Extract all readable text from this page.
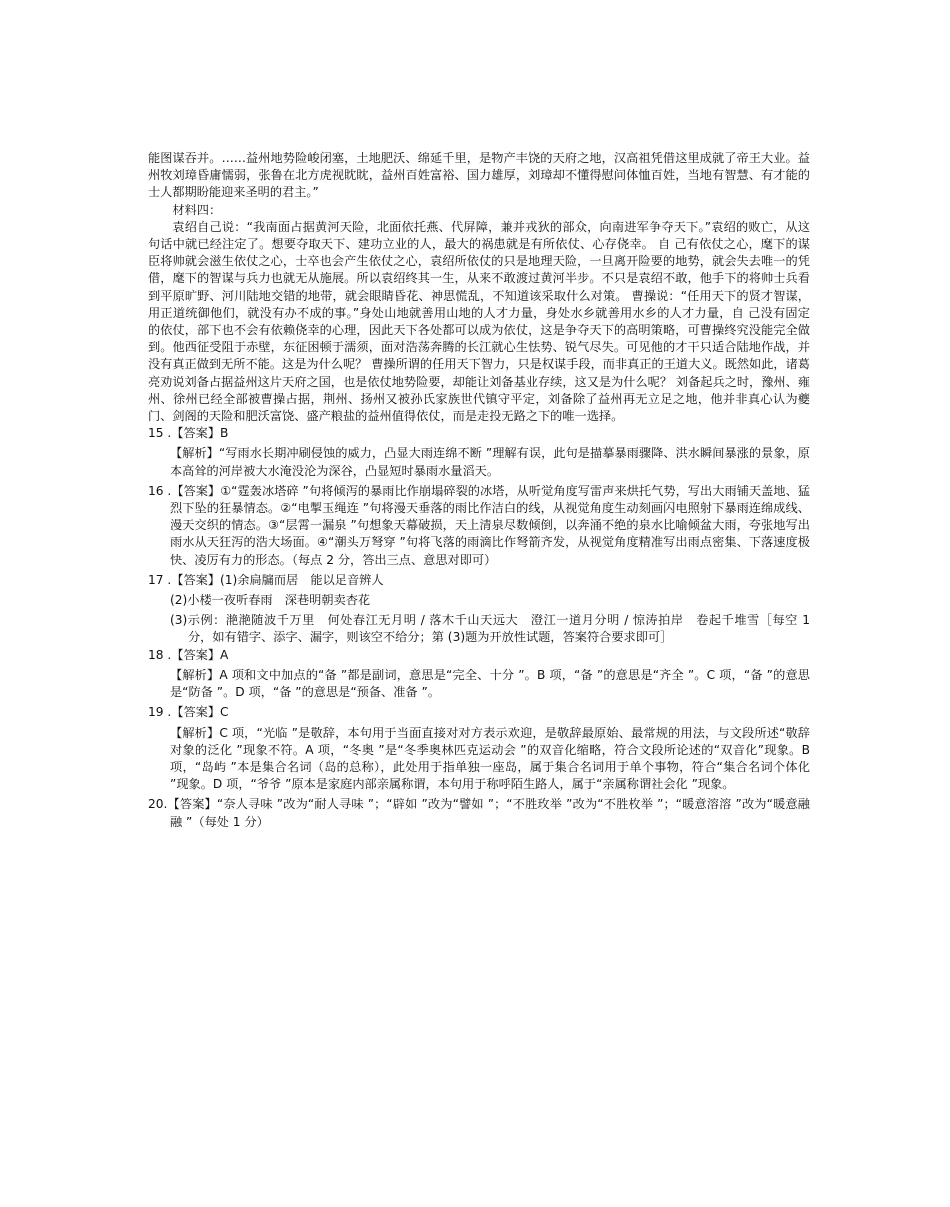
能图谋吞并。……益州地势险峻闭塞，土地肥沃、绵延千里，是物产丰饶的天府之地，汉高祖凭借这里成就了帝王大业。益州牧刘璋昏庸懦弱，张鲁在北方虎视眈眈，益州百姓富裕、国力雄厚，刘璋却不懂得慰问体恤百姓，当地有智慧、有才能的士人都期盼能迎来圣明的君主。”

材料四：

袁绍自己说：“我南面占据黄河天险，北面依托燕、代屏障，兼并戎狄的部众，向南进军争夺天下。”袁绍的败亡，从这句话中就已经注定了。想要夺取天下、建功立业的人，最大的祸患就是有所依仗、心存侥幸。 自 己有依仗之心，麾下的谋臣将帅就会滋生依仗之心，士卒也会产生依仗之心，袁绍所依仗的只是地理天险，一旦离开险要的地势，就会失去唯一的凭借，麾下的智谋与兵力也就无从施展。所以袁绍终其一生，从来不敢渡过黄河半步。不只是袁绍不敢，他手下的将帅士兵看到平原旷野、河川陆地交错的地带，就会眼睛昏花、神思慌乱，不知道该采取什么对策。 曹操说：“任用天下的贤才智谋，用正道统御他们，就没有办不成的事。”身处山地就善用山地的人才力量，身处水乡就善用水乡的人才力量，自 己没有固定的依仗，部下也不会有依赖侥幸的心理，因此天下各处都可以成为依仗，这是争夺天下的高明策略，可曹操终究没能完全做到。他西征受阻于赤壁，东征困顿于濡须，面对浩荡奔腾的长江就心生怯势、锐气尽失。可见他的才干只适合陆地作战，并没有真正做到无所不能。这是为什么呢？ 曹操所谓的任用天下智力，只是权谋手段，而非真正的王道大义。既然如此，诸葛亮劝说刘备占据益州这片天府之国，也是依仗地势险要，却能让刘备基业存续，这又是为什么呢？ 刘备起兵之时，豫州、雍州、徐州已经全部被曹操占据，荆州、扬州又被孙氏家族世代镇守平定，刘备除了益州再无立足之地，他并非真心认为夔门、剑阁的天险和肥沃富饶、盛产粮盐的益州值得依仗，而是走投无路之下的唯一选择。

15 .【答案】B

【解析】“写雨水长期冲刷侵蚀的威力，凸显大雨连绵不断 ”理解有误，此句是描摹暴雨骤降、洪水瞬间暴涨的景象，原本高耸的河岸被大水淹没沦为深谷，凸显短时暴雨水量滔天。

16 .【答案】①“霆轰冰塔碎 ”句将倾泻的暴雨比作崩塌碎裂的冰塔，从听觉角度写雷声来烘托气势，写出大雨铺天盖地、猛烈下坠的狂暴情态。②“电掣玉绳连 ”句将漫天垂落的雨比作洁白的线，从视觉角度生动刻画闪电照射下暴雨连绵成线、漫天交织的情态。③“层霄一漏泉 ”句想象天幕破损，天上清泉尽数倾倒，以奔涌不绝的泉水比喻倾盆大雨，夸张地写出雨水从天狂泻的浩大场面。④“潮头万弩穿 ”句将飞落的雨滴比作弩箭齐发，从视觉角度精准写出雨点密集、下落速度极快、凌厉有力的形态。（每点 2 分，答出三点、意思对即可）

17 .【答案】(1)余扃牖而居　能以足音辨人

(2)小楼一夜听春雨　深巷明朝卖杏花

(3)示例：滟滟随波千万里　何处春江无月明 / 落木千山天远大　澄江一道月分明 / 惊涛拍岸　卷起千堆雪［每空 1 分，如有错字、添字、漏字，则该空不给分；第 (3)题为开放性试题，答案符合要求即可］

18 .【答案】A

【解析】A 项和文中加点的“备 ”都是副词，意思是“完全、十分 ”。B 项，“备 ”的意思是“齐全 ”。C 项，“备 ”的意思是“防备 ”。D 项，“备 ”的意思是“预备、准备 ”。

19 .【答案】C

【解析】C 项，“光临 ”是敬辞，本句用于当面直接对对方表示欢迎，是敬辞最原始、最常规的用法，与文段所述“敬辞对象的泛化 ”现象不符。A 项，“冬奥 ”是“冬季奥林匹克运动会 ”的双音化缩略，符合文段所论述的“双音化”现象。B 项，“岛屿 ”本是集合名词（岛的总称），此处用于指单独一座岛，属于集合名词用于单个事物，符合“集合名词个体化 ”现象。D 项，“爷爷 ”原本是家庭内部亲属称谓，本句用于称呼陌生路人，属于“亲属称谓社会化 ”现象。

20.【答案】“奈人寻味 ”改为“耐人寻味 ”；“辟如 ”改为“譬如 ”；“不胜玫举 ”改为“不胜枚举 ”；“暖意溶溶 ”改为“暖意融融 ”（每处 1 分）
